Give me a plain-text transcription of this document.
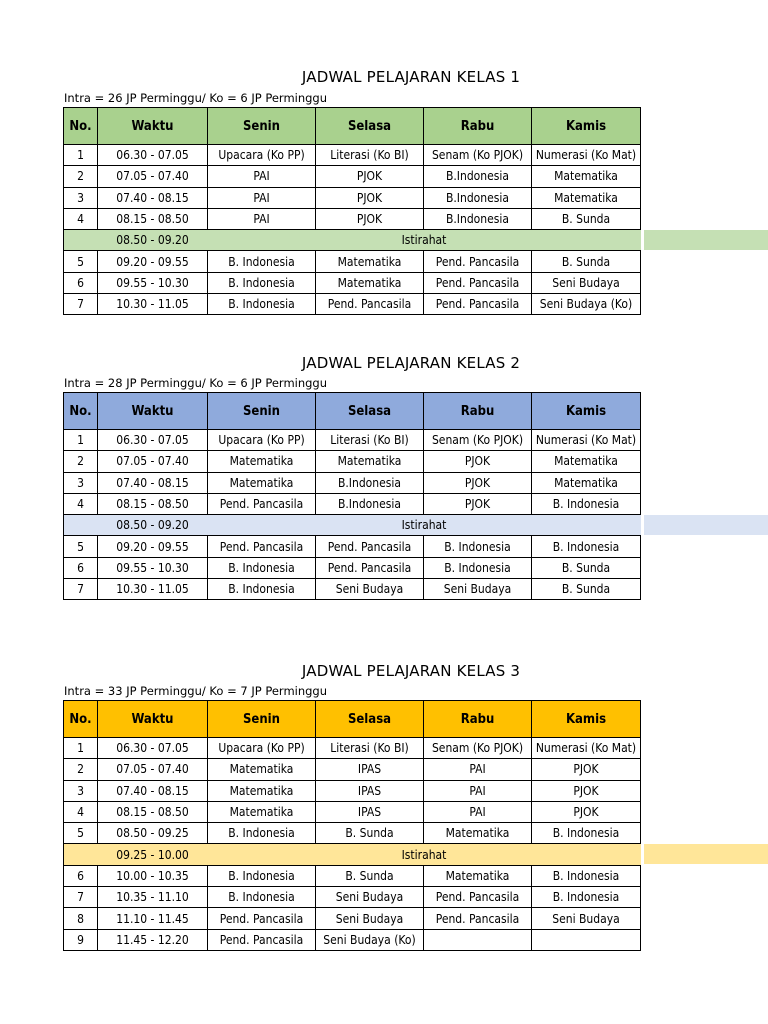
JADWAL PELAJARAN KELAS 1
Intra = 26 JP Perminggu/ Ko = 6 JP Perminggu
No.	Waktu	Senin	Selasa	Rabu	Kamis
1	06.30 - 07.05	Upacara (Ko PP)	Literasi (Ko BI)	Senam (Ko PJOK)	Numerasi (Ko Mat)
2	07.05 - 07.40	PAI	PJOK	B.Indonesia	Matematika
3	07.40 - 08.15	PAI	PJOK	B.Indonesia	Matematika
4	08.15 - 08.50	PAI	PJOK	B.Indonesia	B. Sunda
	08.50 - 09.20	Istirahat			
5	09.20 - 09.55	B. Indonesia	Matematika	Pend. Pancasila	B. Sunda
6	09.55 - 10.30	B. Indonesia	Matematika	Pend. Pancasila	Seni Budaya
7	10.30 - 11.05	B. Indonesia	Pend. Pancasila	Pend. Pancasila	Seni Budaya (Ko)
JADWAL PELAJARAN KELAS 2
Intra = 28 JP Perminggu/ Ko = 6 JP Perminggu
No.	Waktu	Senin	Selasa	Rabu	Kamis
1	06.30 - 07.05	Upacara (Ko PP)	Literasi (Ko BI)	Senam (Ko PJOK)	Numerasi (Ko Mat)
2	07.05 - 07.40	Matematika	Matematika	PJOK	Matematika
3	07.40 - 08.15	Matematika	B.Indonesia	PJOK	Matematika
4	08.15 - 08.50	Pend. Pancasila	B.Indonesia	PJOK	B. Indonesia
	08.50 - 09.20	Istirahat			
5	09.20 - 09.55	Pend. Pancasila	Pend. Pancasila	B. Indonesia	B. Indonesia
6	09.55 - 10.30	B. Indonesia	Pend. Pancasila	B. Indonesia	B. Sunda
7	10.30 - 11.05	B. Indonesia	Seni Budaya	Seni Budaya	B. Sunda
JADWAL PELAJARAN KELAS 3
Intra = 33 JP Perminggu/ Ko = 7 JP Perminggu
No.	Waktu	Senin	Selasa	Rabu	Kamis
1	06.30 - 07.05	Upacara (Ko PP)	Literasi (Ko BI)	Senam (Ko PJOK)	Numerasi (Ko Mat)
2	07.05 - 07.40	Matematika	IPAS	PAI	PJOK
3	07.40 - 08.15	Matematika	IPAS	PAI	PJOK
4	08.15 - 08.50	Matematika	IPAS	PAI	PJOK
5	08.50 - 09.25	B. Indonesia	B. Sunda	Matematika	B. Indonesia
	09.25 - 10.00	Istirahat			
6	10.00 - 10.35	B. Indonesia	B. Sunda	Matematika	B. Indonesia
7	10.35 - 11.10	B. Indonesia	Seni Budaya	Pend. Pancasila	B. Indonesia
8	11.10 - 11.45	Pend. Pancasila	Seni Budaya	Pend. Pancasila	Seni Budaya
9	11.45 - 12.20	Pend. Pancasila	Seni Budaya (Ko)		
